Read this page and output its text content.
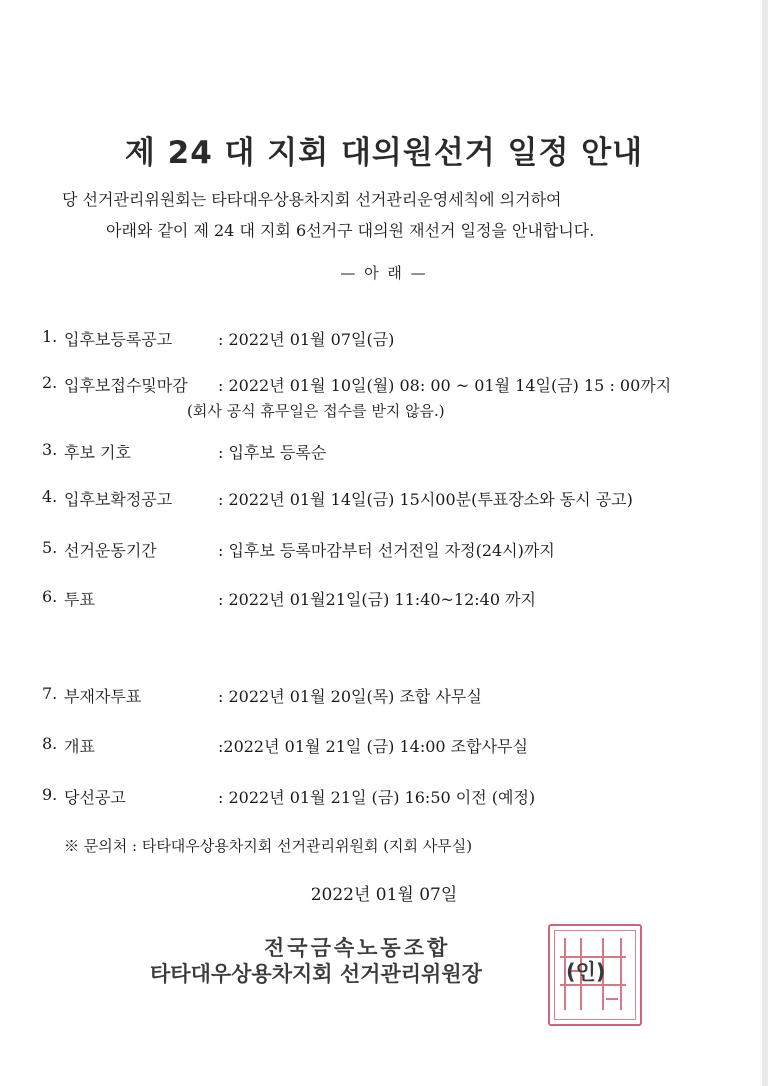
제 24 대 지회 대의원선거 일정 안내
당 선거관리위원회는 타타대우상용차지회 선거관리운영세칙에 의거하여
아래와 같이 제 24 대 지회 6선거구 대의원 재선거 일정을 안내합니다.
— 아 래 —
1. 입후보등록공고	: 2022년 01월 07일(금)
2. 입후보접수및마감 : 2022년 01월 10일(월) 08: 00 ~ 01월 14일(금) 15 : 00까지
(회사 공식 휴무일은 접수를 받지 않음.)
3. 후보 기호	: 입후보 등록순
4. 입후보확정공고	: 2022년 01월 14일(금) 15시00분(투표장소와 동시 공고)
5. 선거운동기간	: 입후보 등록마감부터 선거전일 자정(24시)까지
6. 투표	: 2022년 01월21일(금) 11:40~12:40 까지
7. 부재자투표	: 2022년 01월 20일(목) 조합 사무실
8. 개표	:2022년 01월 21일 (금) 14:00 조합사무실
9. 당선공고	: 2022년 01월 21일 (금) 16:50 이전 (예정)
※ 문의처 : 타타대우상용차지회 선거관리위원회 (지회 사무실)
2022년 01월 07일
전국금속노동조합
타타대우상용차지회 선거관리위원장	(인)
